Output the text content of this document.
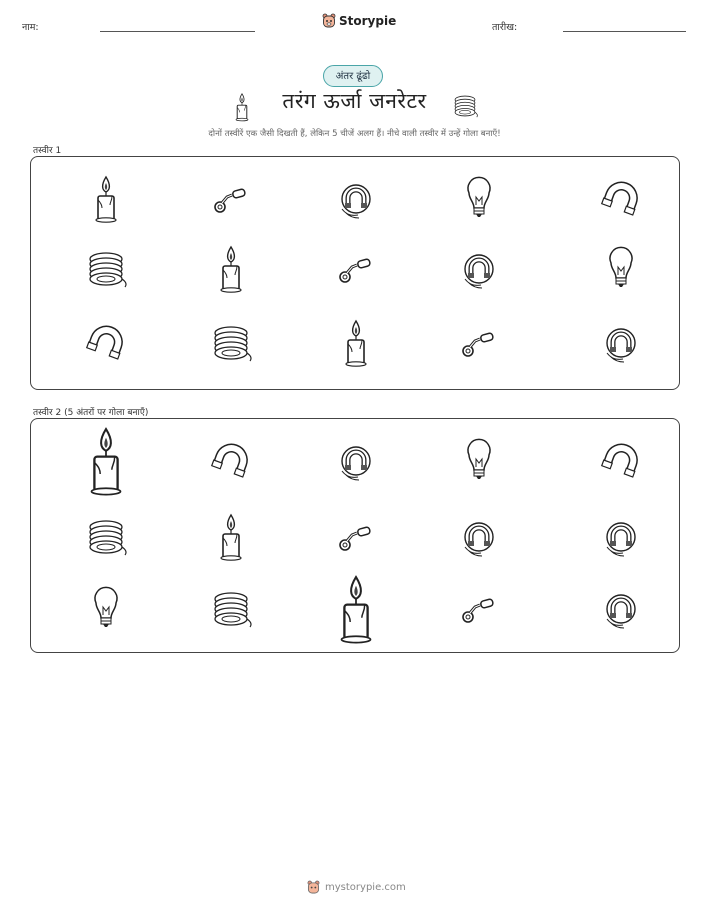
नाम:	Storypie	तारीख:
अंतर ढूंढो
तरंग ऊर्जा जनरेटर
दोनों तस्वीरें एक जैसी दिखती हैं, लेकिन 5 चीजें अलग हैं। नीचे वाली तस्वीर में उन्हें गोला बनाएँ!
तस्वीर 1
तस्वीर 2 (5 अंतरों पर गोला बनाएँ)
mystorypie.com
